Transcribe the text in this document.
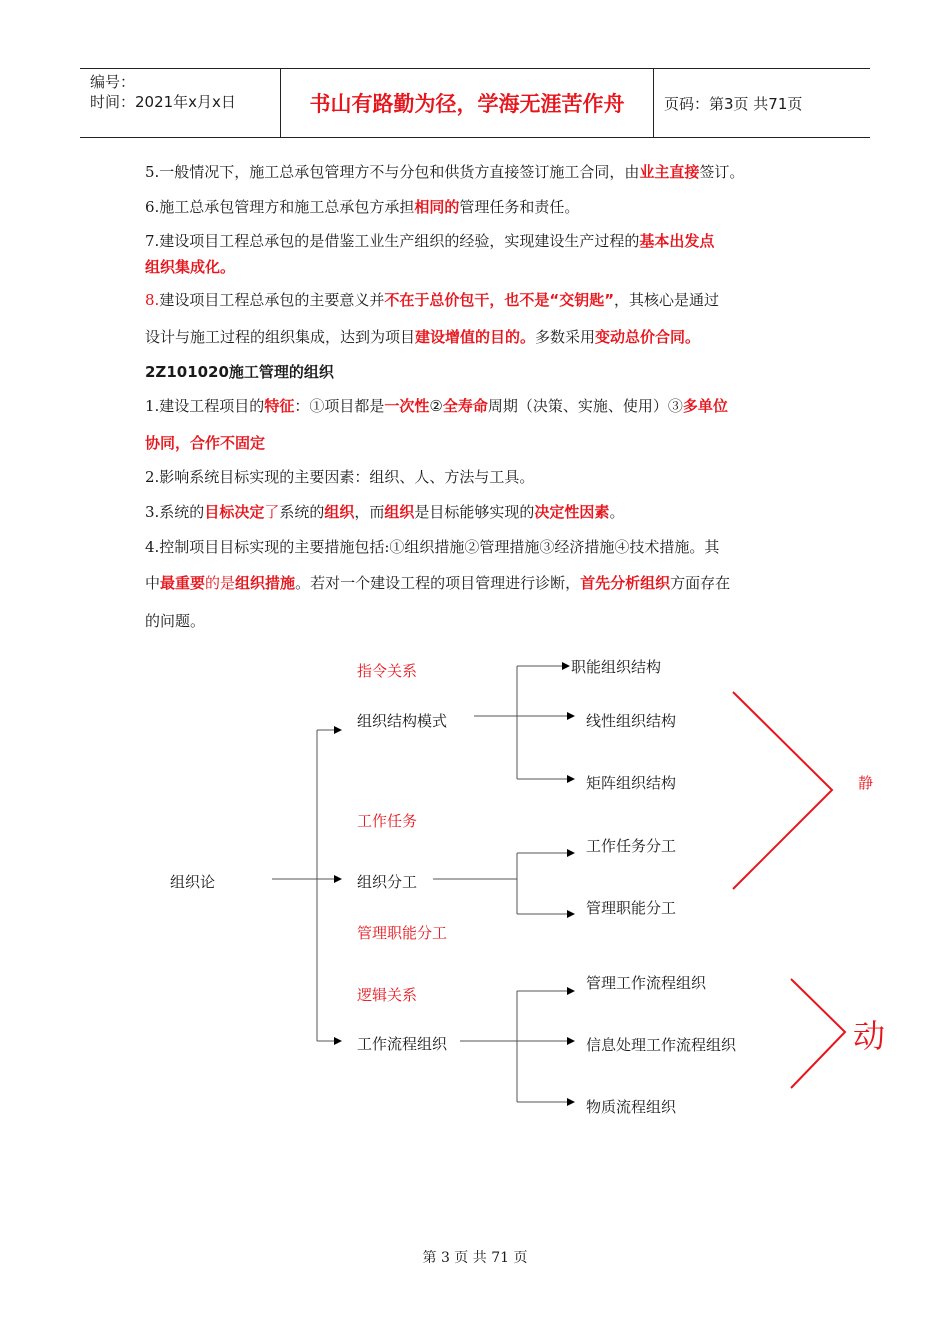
编号：
时间：2021年x月x日	书山有路勤为径，学海无涯苦作舟	页码：第3页 共71页
5.一般情况下，施工总承包管理方不与分包和供货方直接签订施工合同，由业主直接签订。
6.施工总承包管理方和施工总承包方承担相同的管理任务和责任。
7.建设项目工程总承包的是借鉴工业生产组织的经验，实现建设生产过程的基本出发点
组织集成化。
8.建设项目工程总承包的主要意义并不在于总价包干，也不是“交钥匙”，其核心是通过
设计与施工过程的组织集成，达到为项目建设增值的目的。多数采用变动总价合同。
2Z101020施工管理的组织
1.建设工程项目的特征：①项目都是一次性②全寿命周期（决策、实施、使用）③多单位
协同，合作不固定
2.影响系统目标实现的主要因素：组织、人、方法与工具。
3.系统的目标决定了系统的组织，而组织是目标能够实现的决定性因素。
4.控制项目目标实现的主要措施包括:①组织措施②管理措施③经济措施④技术措施。其
中最重要的是组织措施。若对一个建设工程的项目管理进行诊断，首先分析组织方面存在
的问题。
组织论
指令关系
组织结构模式
职能组织结构
线性组织结构
矩阵组织结构
工作任务
组织分工
管理职能分工
工作任务分工
管理职能分工
逻辑关系
工作流程组织
管理工作流程组织
信息处理工作流程组织
物质流程组织
静
动
第 3 页 共 71 页
